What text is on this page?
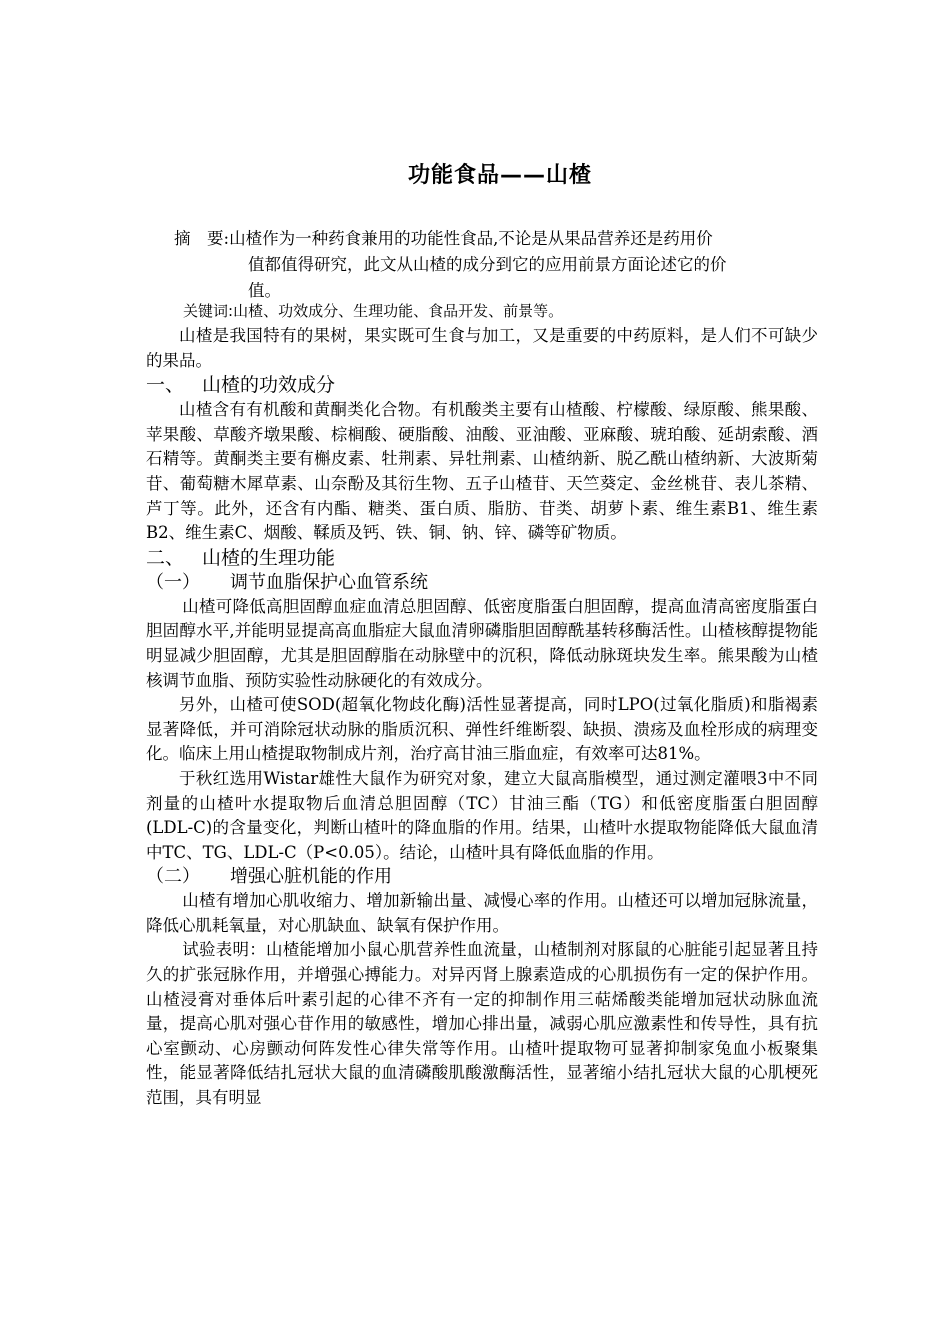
功能食品——山楂
摘　要:山楂作为一种药食兼用的功能性食品,不论是从果品营养还是药用价
值都值得研究，此文从山楂的成分到它的应用前景方面论述它的价
值。
关键词:山楂、功效成分、生理功能、食品开发、前景等。

山楂是我国特有的果树，果实既可生食与加工，又是重要的中药原料，是人们不可缺少的果品。

一、 山楂的功效成分

山楂含有有机酸和黄酮类化合物。有机酸类主要有山楂酸、柠檬酸、绿原酸、熊果酸、苹果酸、草酸齐墩果酸、棕榈酸、硬脂酸、油酸、亚油酸、亚麻酸、琥珀酸、延胡索酸、酒石精等。黄酮类主要有槲皮素、牡荆素、异牡荆素、山楂纳新、脱乙酰山楂纳新、大波斯菊苷、葡萄糖木犀草素、山奈酚及其衍生物、五子山楂苷、天竺葵定、金丝桃苷、表儿茶精、芦丁等。此外，还含有内酯、糖类、蛋白质、脂肪、苷类、胡萝卜素、维生素B1、维生素B2、维生素C、烟酸、鞣质及钙、铁、铜、钠、锌、磷等矿物质。

二、 山楂的生理功能
（一） 调节血脂保护心血管系统

山楂可降低高胆固醇血症血清总胆固醇、低密度脂蛋白胆固醇，提高血清高密度脂蛋白胆固醇水平,并能明显提高高血脂症大鼠血清卵磷脂胆固醇酰基转移酶活性。山楂核醇提物能明显减少胆固醇，尤其是胆固醇脂在动脉壁中的沉积，降低动脉斑块发生率。熊果酸为山楂核调节血脂、预防实验性动脉硬化的有效成分。

另外，山楂可使SOD(超氧化物歧化酶)活性显著提高，同时LPO(过氧化脂质)和脂褐素显著降低，并可消除冠状动脉的脂质沉积、弹性纤维断裂、缺损、溃疡及血栓形成的病理变化。临床上用山楂提取物制成片剂，治疗高甘油三脂血症，有效率可达81%。

于秋红选用Wistar雄性大鼠作为研究对象，建立大鼠高脂模型，通过测定灌喂3中不同剂量的山楂叶水提取物后血清总胆固醇（TC）甘油三酯（TG）和低密度脂蛋白胆固醇(LDL-C)的含量变化，判断山楂叶的降血脂的作用。结果，山楂叶水提取物能降低大鼠血清中TC、TG、LDL-C（P<0.05）。结论，山楂叶具有降低血脂的作用。

（二） 增强心脏机能的作用

山楂有增加心肌收缩力、增加新输出量、减慢心率的作用。山楂还可以增加冠脉流量，降低心肌耗氧量，对心肌缺血、缺氧有保护作用。

试验表明：山楂能增加小鼠心肌营养性血流量，山楂制剂对豚鼠的心脏能引起显著且持久的扩张冠脉作用，并增强心搏能力。对异丙肾上腺素造成的心肌损伤有一定的保护作用。山楂浸膏对垂体后叶素引起的心律不齐有一定的抑制作用三萜烯酸类能增加冠状动脉血流量，提高心肌对强心苷作用的敏感性，增加心排出量，减弱心肌应激素性和传导性，具有抗心室颤动、心房颤动何阵发性心律失常等作用。山楂叶提取物可显著抑制家兔血小板聚集性，能显著降低结扎冠状大鼠的血清磷酸肌酸激酶活性，显著缩小结扎冠状大鼠的心肌梗死范围，具有明显
